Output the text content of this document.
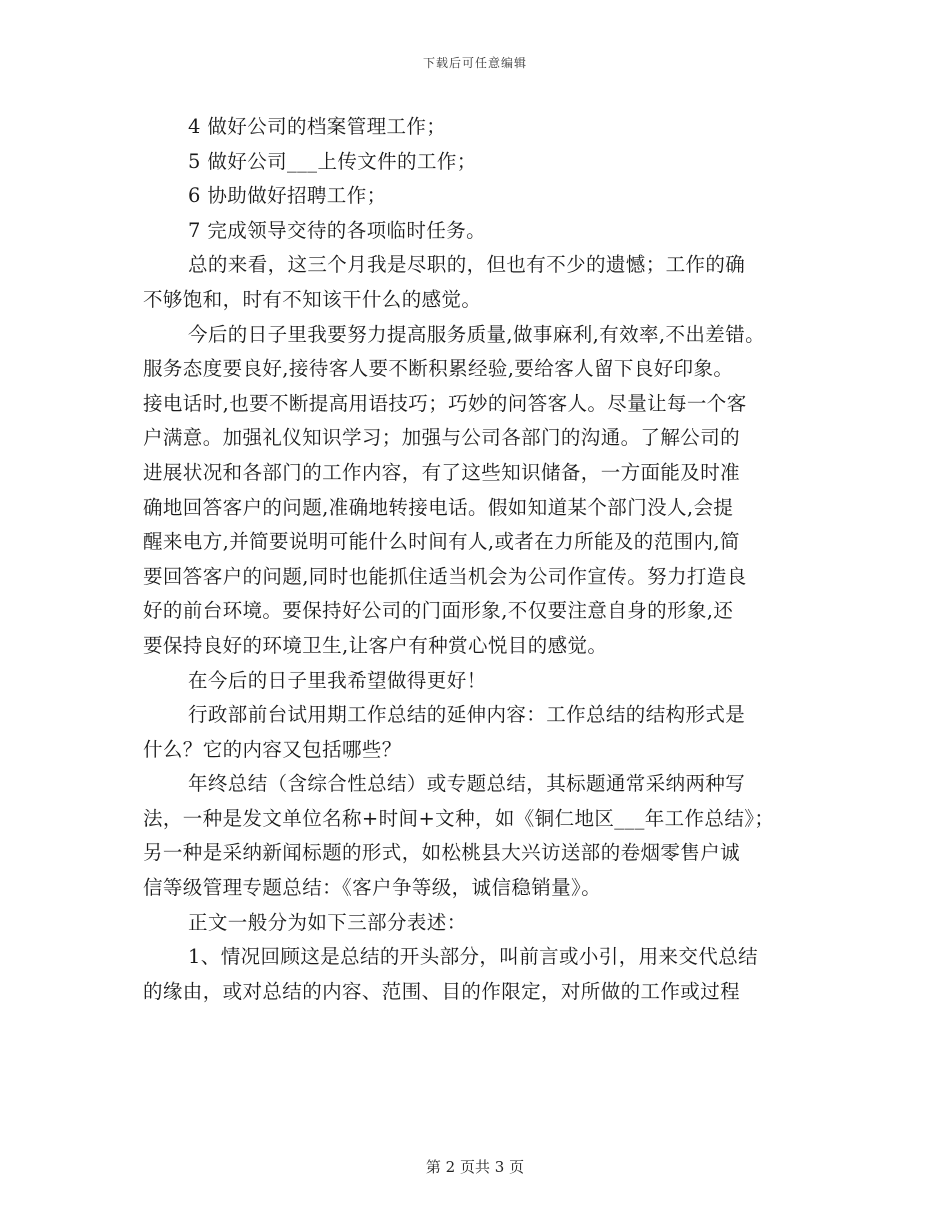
下载后可任意编辑
4 做好公司的档案管理工作；
5 做好公司___上传文件的工作；
6 协助做好招聘工作；
7 完成领导交待的各项临时任务。
总的来看，这三个月我是尽职的，但也有不少的遗憾；工作的确
不够饱和，时有不知该干什么的感觉。
今后的日子里我要努力提高服务质量,做事麻利,有效率,不出差错。
服务态度要良好,接待客人要不断积累经验,要给客人留下良好印象。
接电话时,也要不断提高用语技巧；巧妙的问答客人。尽量让每一个客
户满意。加强礼仪知识学习；加强与公司各部门的沟通。了解公司的
进展状况和各部门的工作内容，有了这些知识储备，一方面能及时准
确地回答客户的问题,准确地转接电话。假如知道某个部门没人,会提
醒来电方,并简要说明可能什么时间有人,或者在力所能及的范围内,简
要回答客户的问题,同时也能抓住适当机会为公司作宣传。努力打造良
好的前台环境。要保持好公司的门面形象,不仅要注意自身的形象,还
要保持良好的环境卫生,让客户有种赏心悦目的感觉。
在今后的日子里我希望做得更好！
行政部前台试用期工作总结的延伸内容：工作总结的结构形式是
什么？它的内容又包括哪些？
年终总结（含综合性总结）或专题总结，其标题通常采纳两种写
法，一种是发文单位名称+时间+文种，如《铜仁地区___年工作总结》；
另一种是采纳新闻标题的形式，如松桃县大兴访送部的卷烟零售户诚
信等级管理专题总结：《客户争等级，诚信稳销量》。
正文一般分为如下三部分表述：
1、情况回顾这是总结的开头部分，叫前言或小引，用来交代总结
的缘由，或对总结的内容、范围、目的作限定，对所做的工作或过程
第 2 页共 3 页
